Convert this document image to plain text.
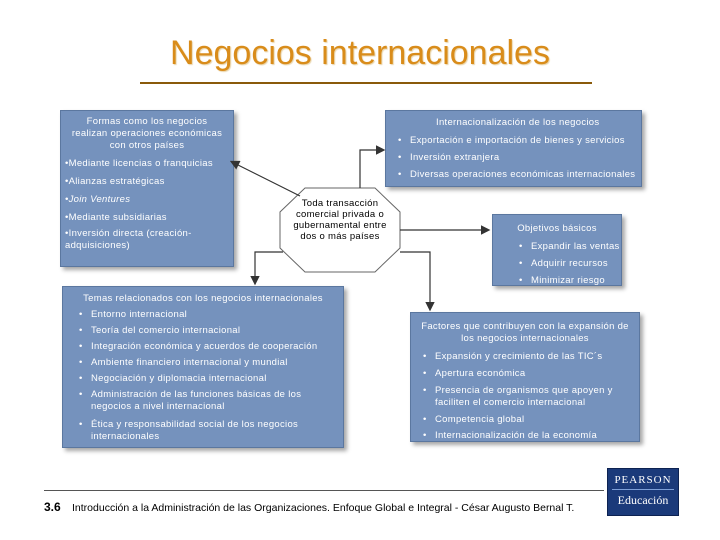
Negocios internacionales
Formas como los negocios realizan operaciones económicas con otros países
•Mediante licencias o franquicias
•Alianzas estratégicas
•Join Ventures
•Mediante subsidiarias
•Inversión directa (creación-adquisiciones)
Internacionalización de los negocios
• Exportación e importación de bienes y servicios
• Inversión extranjera
• Diversas operaciones económicas internacionales
Toda transacción comercial privada o gubernamental entre dos o más países
Objetivos básicos
• Expandir las ventas
• Adquirir recursos
• Minimizar riesgo
Temas relacionados con los negocios internacionales
• Entorno internacional
• Teoría del comercio internacional
• Integración económica y acuerdos de cooperación
• Ambiente financiero internacional y mundial
• Negociación y diplomacia internacional
• Administración de las funciones básicas de los negocios a nivel internacional
• Ética y responsabilidad social de los negocios internacionales
Factores que contribuyen con la expansión de los negocios internacionales
• Expansión y crecimiento de las TIC´s
• Apertura económica
• Presencia de organismos que apoyen y faciliten el comercio internacional
• Competencia global
• Internacionalización de la economía
3.6 Introducción a la Administración de las Organizaciones. Enfoque Global e Integral - César Augusto Bernal T.
PEARSON
Educación
